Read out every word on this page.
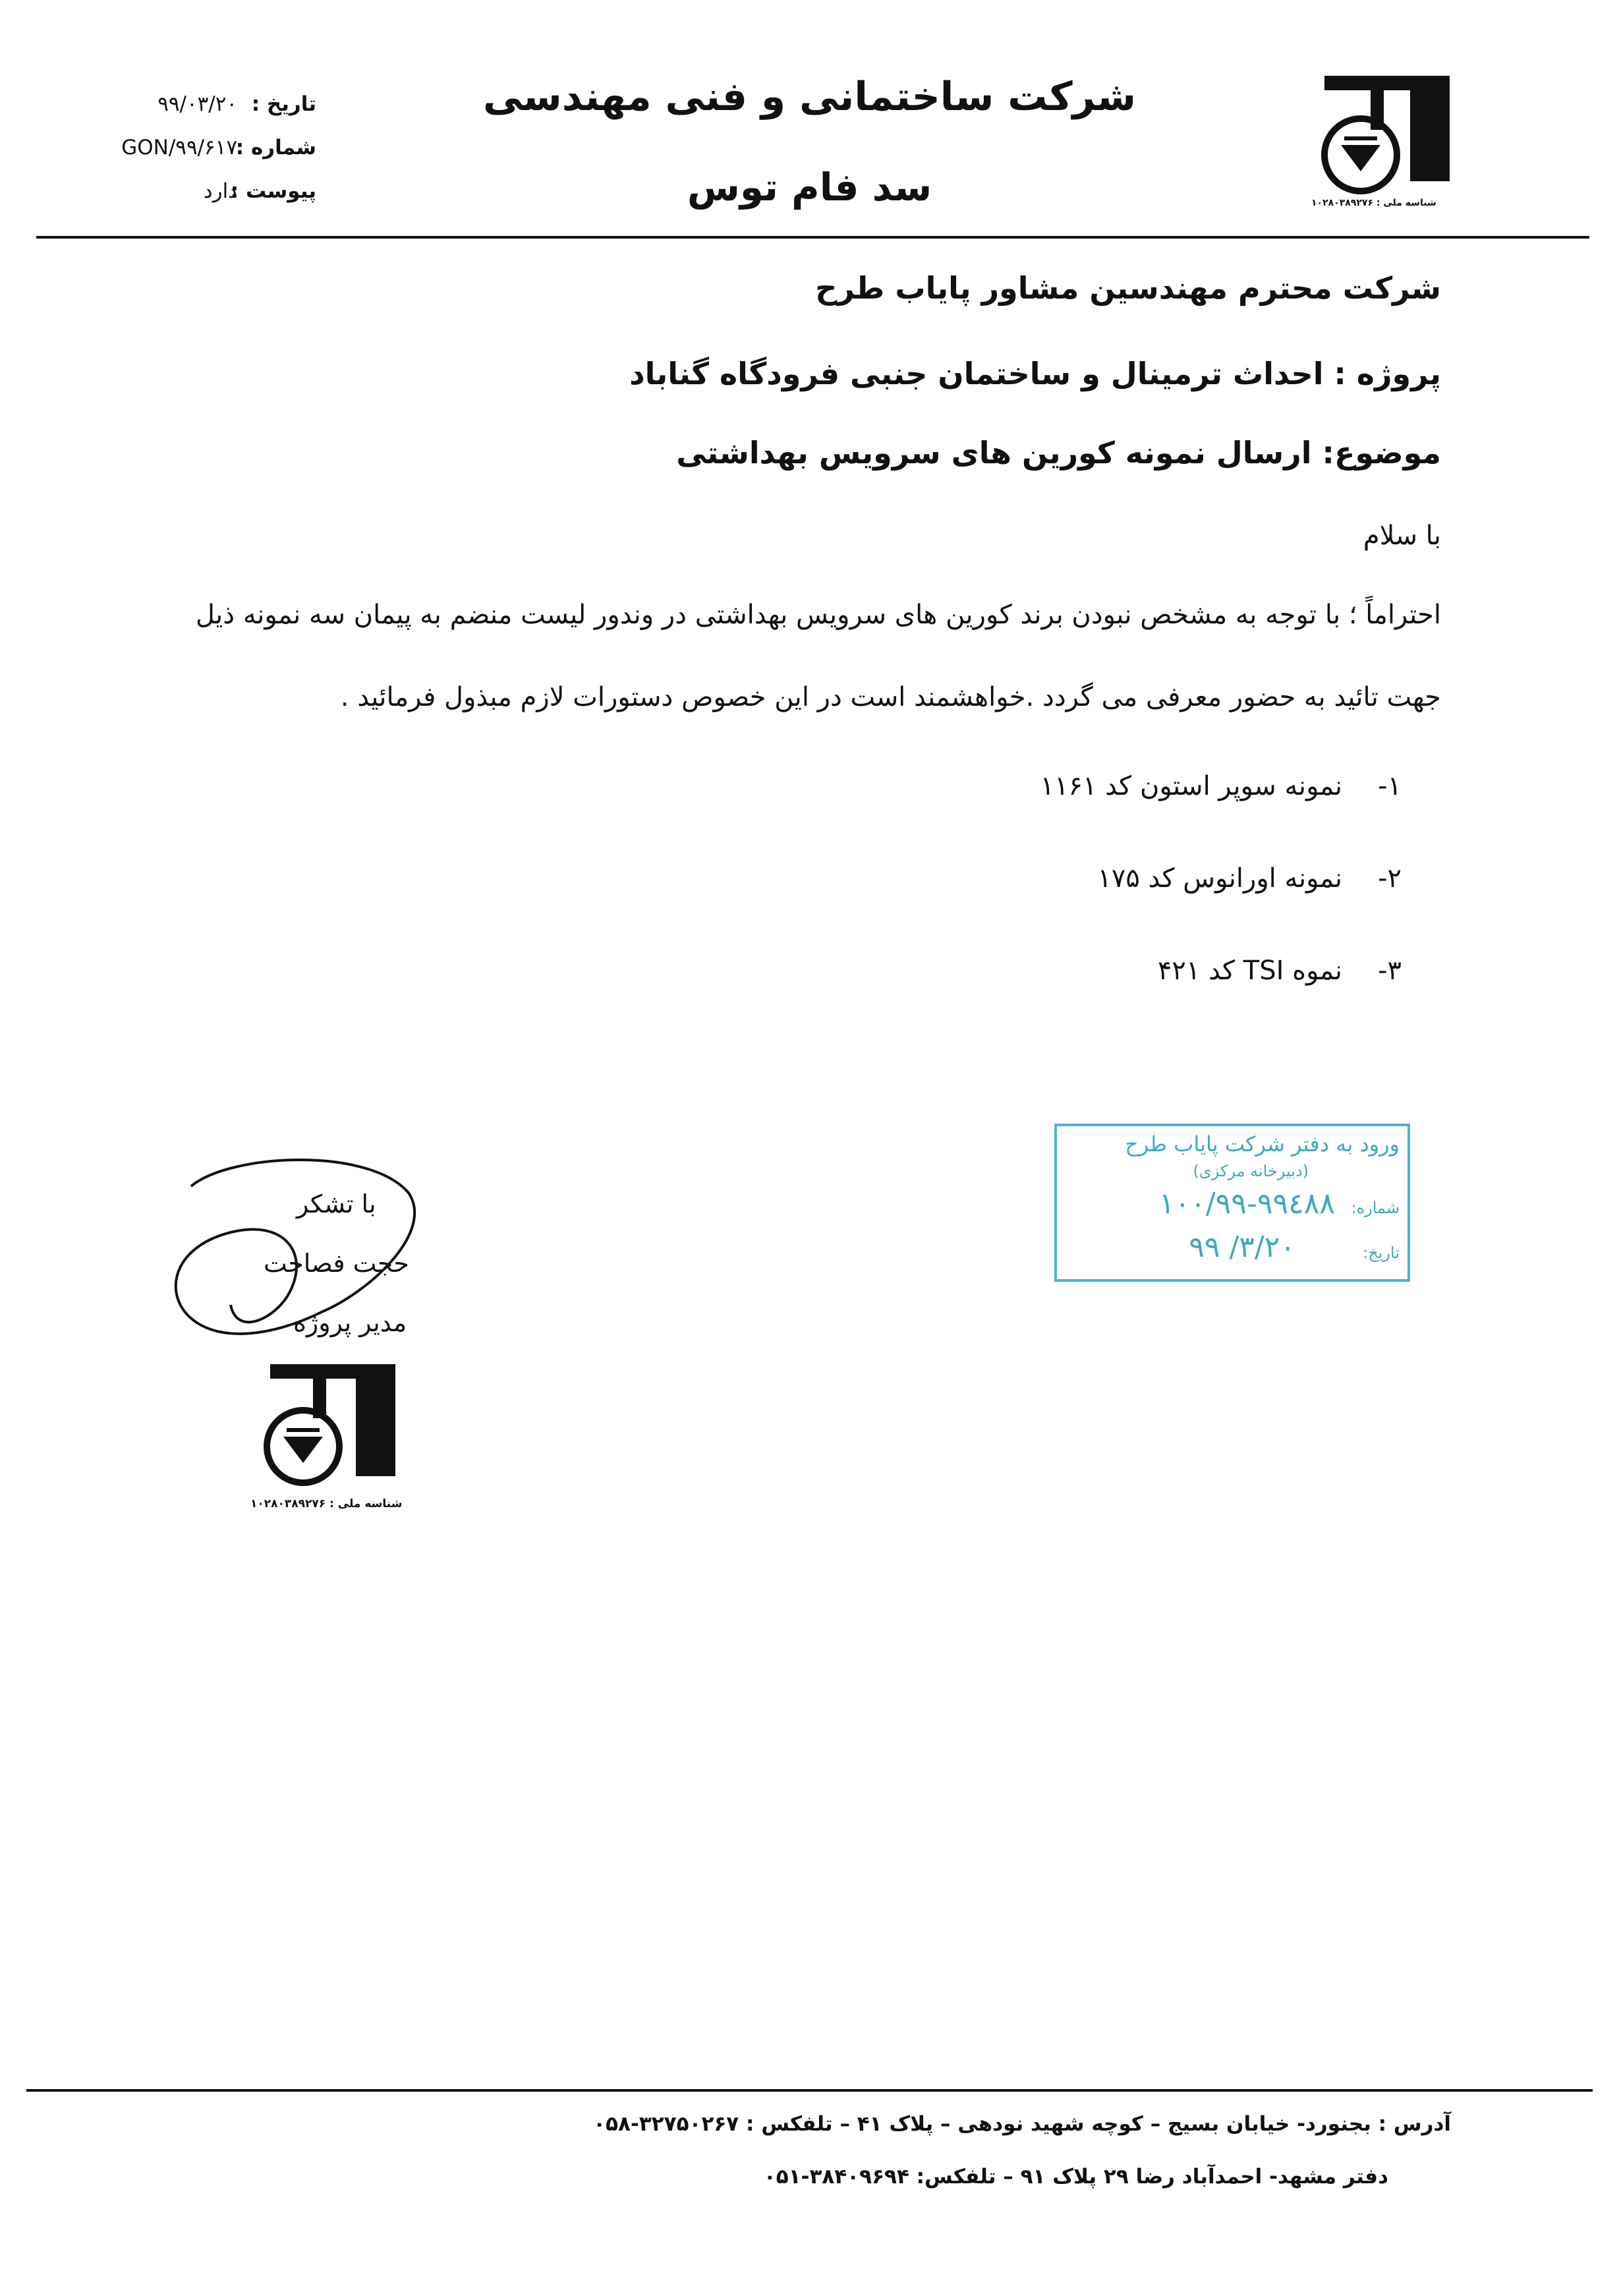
شرکت ساختمانی و فنی مهندسی
سد فام توس
تاریخ :
۹۹/۰۳/۲۰
شماره :
GON/۹۹/۶۱۷
پیوست :
دارد	شناسه ملی : ۱۰۲۸۰۳۸۹۲۷۶
شرکت محترم مهندسین مشاور پایاب طرح
پروژه : احداث ترمینال و ساختمان جنبی فرودگاه گناباد
موضوع: ارسال نمونه کورین های سرویس بهداشتی
با سلام
احتراماً ؛ با توجه به مشخص نبودن برند کورین های سرویس بهداشتی در وندور لیست منضم به پیمان سه نمونه ذیل
جهت تائید به حضور معرفی می گردد .خواهشمند است در این خصوص دستورات لازم مبذول فرمائید .
۱-
نمونه سوپر استون کد ۱۱۶۱
۲-
نمونه اورانوس کد ۱۷۵
۳-
نموه TSI کد ۴۲۱
ورود به دفتر شرکت پایاب طرح
(دبیرخانه مرکزی)
شماره:
۱۰۰/۹۹-۹۹٤۸۸
تاریخ:
۹۹ /۳/۲۰
با تشکر
حجت فصاحت
مدیر پروژه
شناسه ملی : ۱۰۲۸۰۳۸۹۲۷۶
آدرس : بجنورد- خیابان بسیج – کوچه شهید نودهی – پلاک ۴۱ – تلفکس : ۳۲۷۵۰۲۶۷-۰۵۸
دفتر مشهد- احمدآباد رضا ۲۹ پلاک ۹۱ – تلفکس: ۳۸۴۰۹۶۹۴-۰۵۱
